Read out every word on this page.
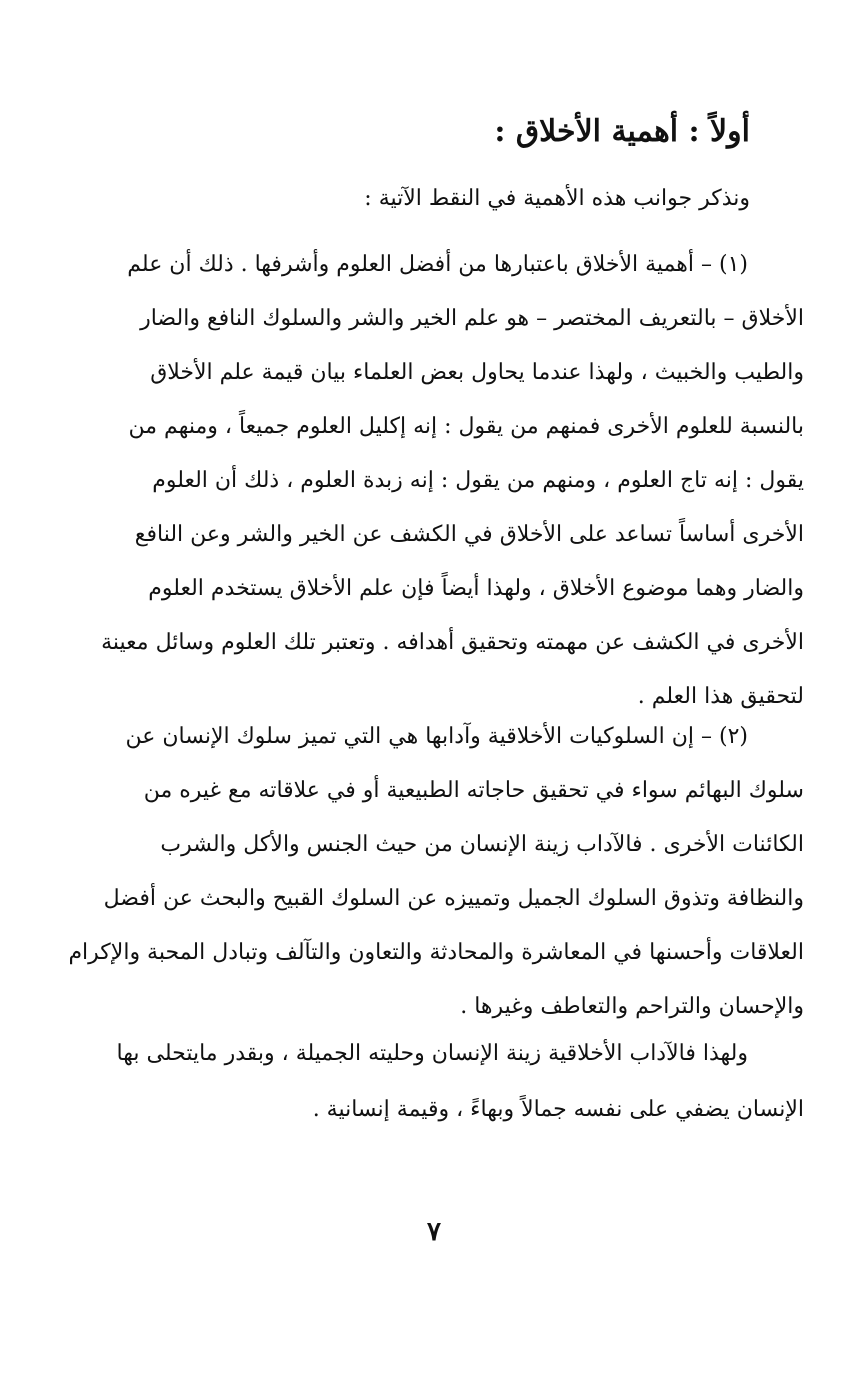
أولاً : أهمية الأخلاق :
ونذكر جوانب هذه الأهمية في النقط الآتية :
(١) – أهمية الأخلاق باعتبارها من أفضل العلوم وأشرفها . ذلك أن علم
الأخلاق – بالتعريف المختصر – هو علم الخير والشر والسلوك النافع والضار
والطيب والخبيث ، ولهذا عندما يحاول بعض العلماء بيان قيمة علم الأخلاق
بالنسبة للعلوم الأخرى فمنهم من يقول : إنه إكليل العلوم جميعاً ، ومنهم من
يقول : إنه تاج العلوم ، ومنهم من يقول : إنه زبدة العلوم ، ذلك أن العلوم
الأخرى أساساً تساعد على الأخلاق في الكشف عن الخير والشر وعن النافع
والضار وهما موضوع الأخلاق ، ولهذا أيضاً فإن علم الأخلاق يستخدم العلوم
الأخرى في الكشف عن مهمته وتحقيق أهدافه . وتعتبر تلك العلوم وسائل معينة
لتحقيق هذا العلم .
(٢) – إن السلوكيات الأخلاقية وآدابها هي التي تميز سلوك الإنسان عن
سلوك البهائم سواء في تحقيق حاجاته الطبيعية أو في علاقاته مع غيره من
الكائنات الأخرى . فالآداب زينة الإنسان من حيث الجنس والأكل والشرب
والنظافة وتذوق السلوك الجميل وتمييزه عن السلوك القبيح والبحث عن أفضل
العلاقات وأحسنها في المعاشرة والمحادثة والتعاون والتآلف وتبادل المحبة والإكرام
والإحسان والتراحم والتعاطف وغيرها .
ولهذا فالآداب الأخلاقية زينة الإنسان وحليته الجميلة ، وبقدر مايتحلى بها
الإنسان يضفي على نفسه جمالاً وبهاءً ، وقيمة إنسانية .
٧
